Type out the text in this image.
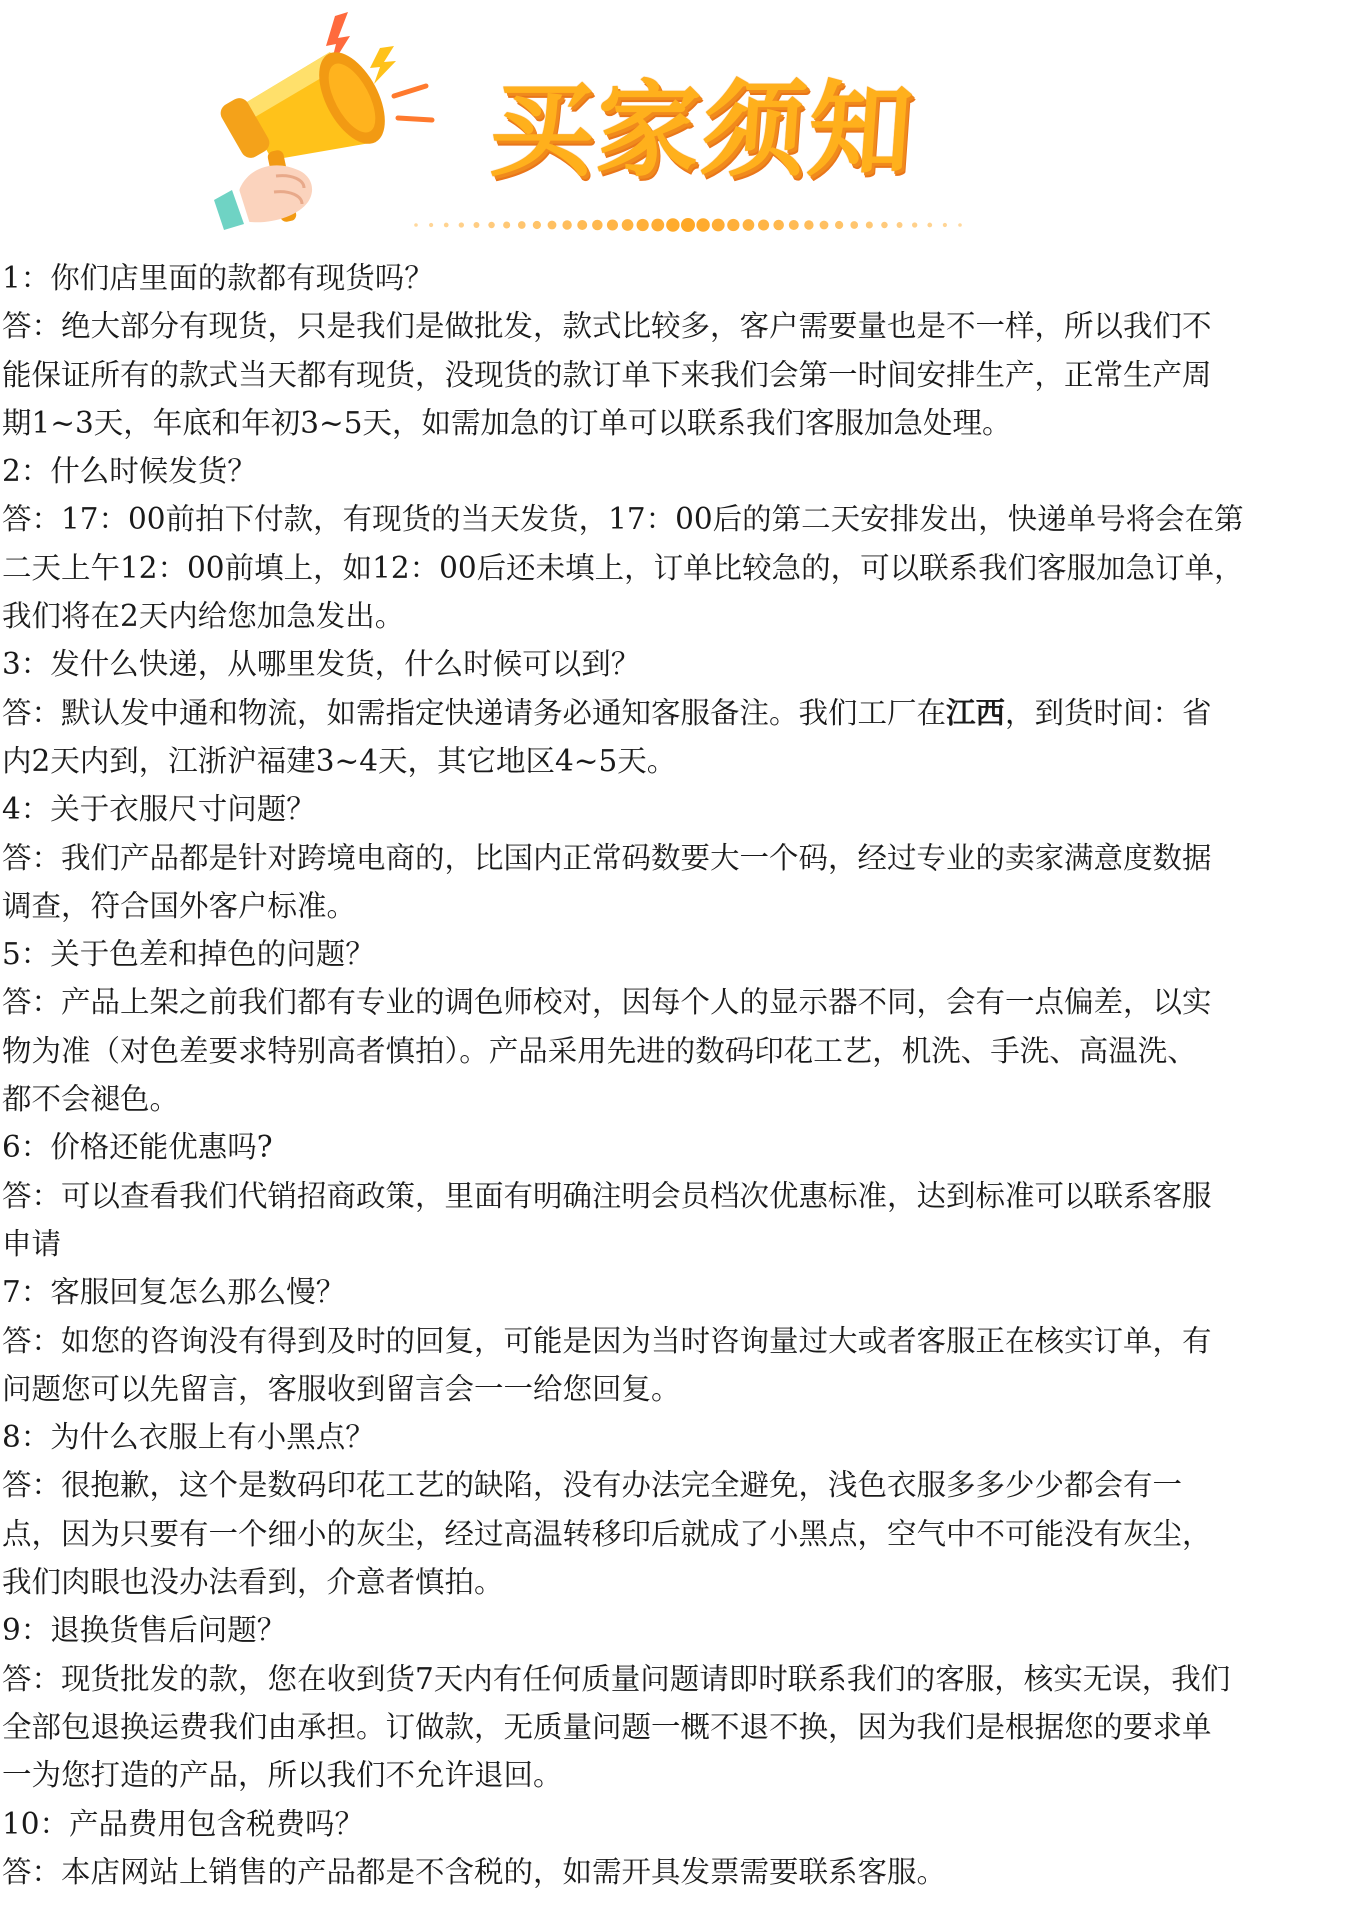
买家须知

1：你们店里面的款都有现货吗？

答：绝大部分有现货，只是我们是做批发，款式比较多，客户需要量也是不一样，所以我们不

能保证所有的款式当天都有现货，没现货的款订单下来我们会第一时间安排生产，正常生产周

期1~3天，年底和年初3~5天，如需加急的订单可以联系我们客服加急处理。

2：什么时候发货？

答：17：00前拍下付款，有现货的当天发货，17：00后的第二天安排发出，快递单号将会在第

二天上午12：00前填上，如12：00后还未填上，订单比较急的，可以联系我们客服加急订单，

我们将在2天内给您加急发出。

3：发什么快递，从哪里发货，什么时候可以到？

答：默认发中通和物流，如需指定快递请务必通知客服备注。我们工厂在江西，到货时间：省

内2天内到，江浙沪福建3~4天，其它地区4~5天。

4：关于衣服尺寸问题？

答：我们产品都是针对跨境电商的，比国内正常码数要大一个码，经过专业的卖家满意度数据

调查，符合国外客户标准。

5：关于色差和掉色的问题？

答：产品上架之前我们都有专业的调色师校对，因每个人的显示器不同，会有一点偏差，以实

物为准（对色差要求特别高者慎拍）。产品采用先进的数码印花工艺，机洗、手洗、高温洗、

都不会褪色。

6：价格还能优惠吗?

答：可以查看我们代销招商政策，里面有明确注明会员档次优惠标准，达到标准可以联系客服

申请

7：客服回复怎么那么慢？

答：如您的咨询没有得到及时的回复，可能是因为当时咨询量过大或者客服正在核实订单，有

问题您可以先留言，客服收到留言会一一给您回复。

8：为什么衣服上有小黑点？

答：很抱歉，这个是数码印花工艺的缺陷，没有办法完全避免，浅色衣服多多少少都会有一

点，因为只要有一个细小的灰尘，经过高温转移印后就成了小黑点，空气中不可能没有灰尘，

我们肉眼也没办法看到，介意者慎拍。

9：退换货售后问题？

答：现货批发的款，您在收到货7天内有任何质量问题请即时联系我们的客服，核实无误，我们

全部包退换运费我们由承担。订做款，无质量问题一概不退不换，因为我们是根据您的要求单

一为您打造的产品，所以我们不允许退回。

10：产品费用包含税费吗？

答：本店网站上销售的产品都是不含税的，如需开具发票需要联系客服。
